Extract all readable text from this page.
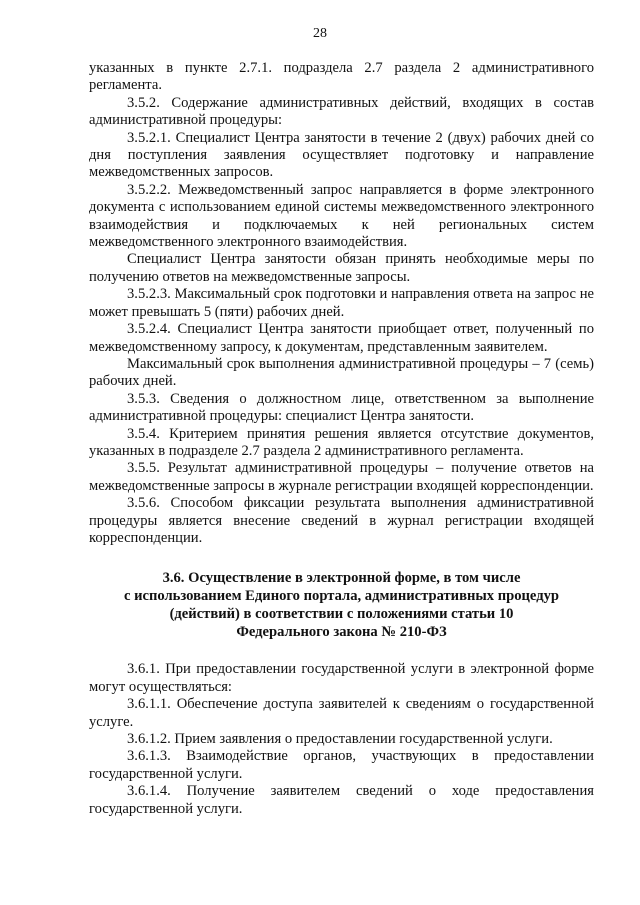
28

указанных в пункте 2.7.1. подраздела 2.7 раздела 2 административного регламента.

3.5.2. Содержание административных действий, входящих в состав административной процедуры:

3.5.2.1. Специалист Центра занятости в течение 2 (двух) рабочих дней со дня поступления заявления осуществляет подготовку и направление межведомственных запросов.

3.5.2.2. Межведомственный запрос направляется в форме электронного документа с использованием единой системы межведомственного электронного взаимодействия и подключаемых к ней региональных систем межведомственного электронного взаимодействия.

Специалист Центра занятости обязан принять необходимые меры по получению ответов на межведомственные запросы.

3.5.2.3. Максимальный срок подготовки и направления ответа на запрос не может превышать 5 (пяти) рабочих дней.

3.5.2.4. Специалист Центра занятости приобщает ответ, полученный по межведомственному запросу, к документам, представленным заявителем.

Максимальный срок выполнения административной процедуры – 7 (семь) рабочих дней.

3.5.3. Сведения о должностном лице, ответственном за выполнение административной процедуры: специалист Центра занятости.

3.5.4. Критерием принятия решения является отсутствие документов, указанных в подразделе 2.7 раздела 2 административного регламента.

3.5.5. Результат административной процедуры – получение ответов на межведомственные запросы в журнале регистрации входящей корреспонденции.

3.5.6. Способом фиксации результата выполнения административной процедуры является внесение сведений в журнал регистрации входящей корреспонденции.

3.6. Осуществление в электронной форме, в том числе
с использованием Единого портала, административных процедур
(действий) в соответствии с положениями статьи 10
Федерального закона № 210-ФЗ

3.6.1. При предоставлении государственной услуги в электронной форме могут осуществляться:

3.6.1.1. Обеспечение доступа заявителей к сведениям о государственной услуге.

3.6.1.2. Прием заявления о предоставлении государственной услуги.

3.6.1.3. Взаимодействие органов, участвующих в предоставлении государственной услуги.

3.6.1.4. Получение заявителем сведений о ходе предоставления государственной услуги.
